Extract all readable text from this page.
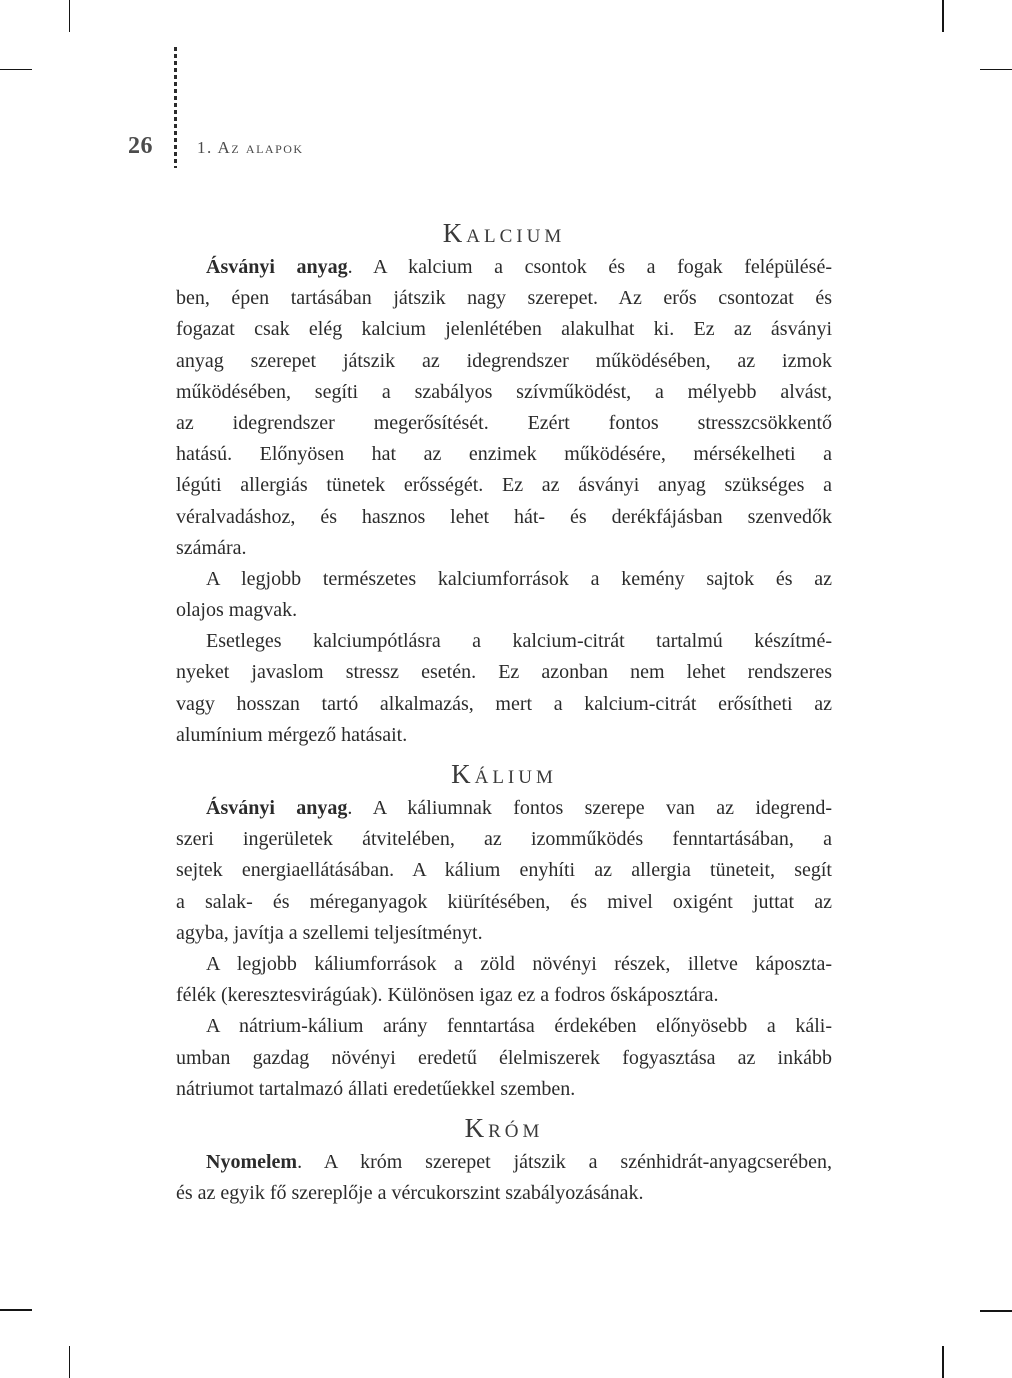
26	1. Az alapok
Kalcium
Ásványi anyag. A kalcium a csontok és a fogak felépülésé-
ben, épen tartásában játszik nagy szerepet. Az erős csontozat és
fogazat csak elég kalcium jelenlétében alakulhat ki. Ez az ásványi
anyag szerepet játszik az idegrendszer működésében, az izmok
működésében, segíti a szabályos szívműködést, a mélyebb alvást,
az idegrendszer megerősítését. Ezért fontos stresszcsökkentő
hatású. Előnyösen hat az enzimek működésére, mérsékelheti a
légúti allergiás tünetek erősségét. Ez az ásványi anyag szükséges a
véralvadáshoz, és hasznos lehet hát- és derékfájásban szenvedők
számára.
A legjobb természetes kalciumforrások a kemény sajtok és az
olajos magvak.
Esetleges kalciumpótlásra a kalcium-citrát tartalmú készítmé-
nyeket javaslom stressz esetén. Ez azonban nem lehet rendszeres
vagy hosszan tartó alkalmazás, mert a kalcium-citrát erősítheti az
alumínium mérgező hatásait.
Kálium
Ásványi anyag. A káliumnak fontos szerepe van az idegrend-
szeri ingerületek átvitelében, az izomműködés fenntartásában, a
sejtek energiaellátásában. A kálium enyhíti az allergia tüneteit, segít
a salak- és méreganyagok kiürítésében, és mivel oxigént juttat az
agyba, javítja a szellemi teljesítményt.
A legjobb káliumforrások a zöld növényi részek, illetve káposzta-
félék (keresztesvirágúak). Különösen igaz ez a fodros őskáposztára.
A nátrium-kálium arány fenntartása érdekében előnyösebb a káli-
umban gazdag növényi eredetű élelmiszerek fogyasztása az inkább
nátriumot tartalmazó állati eredetűekkel szemben.
Króm
Nyomelem. A króm szerepet játszik a szénhidrát-anyagcserében,
és az egyik fő szereplője a vércukorszint szabályozásának.
